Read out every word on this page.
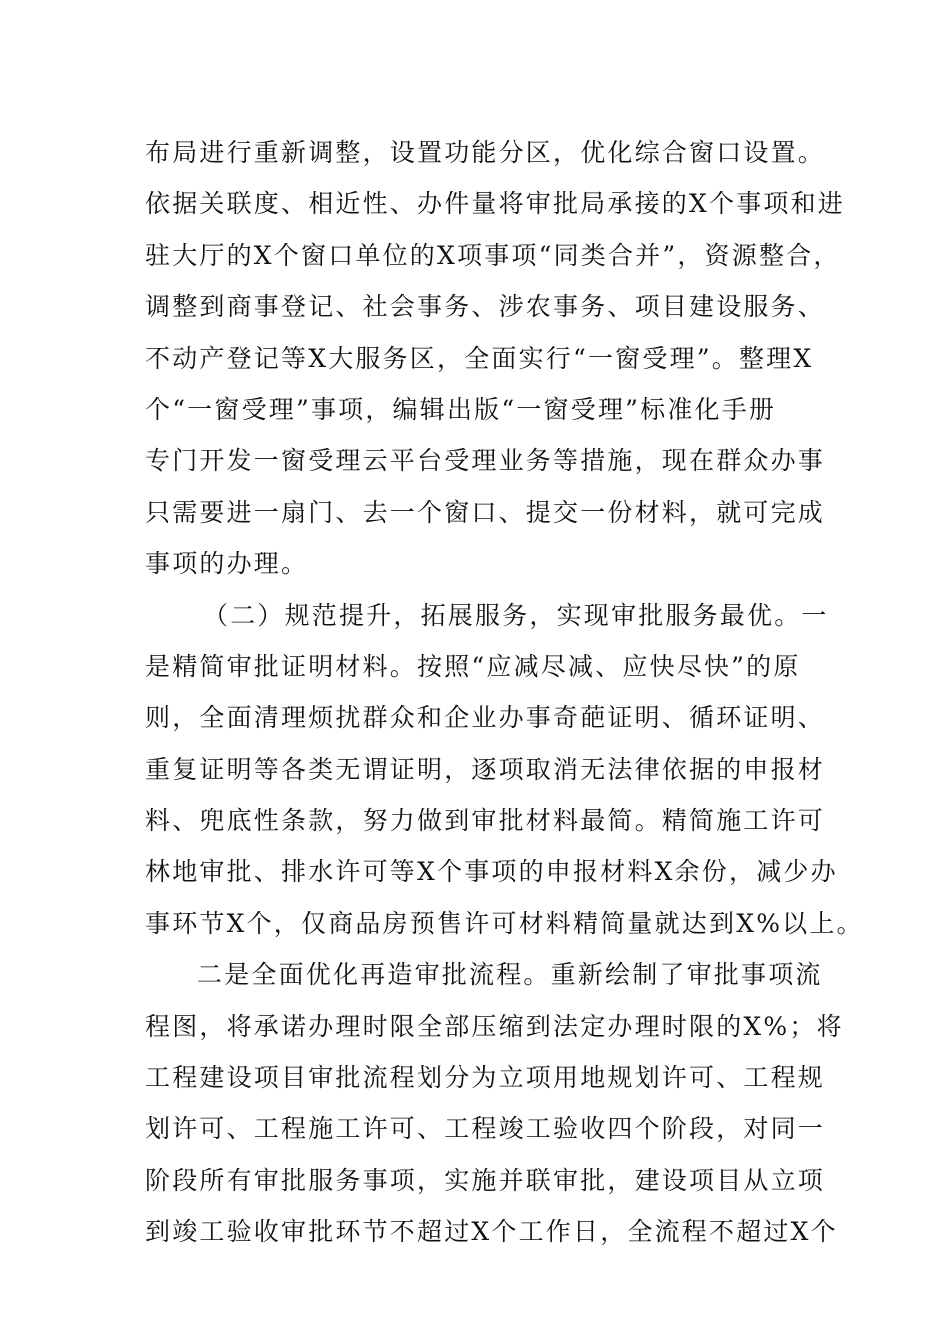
布局进行重新调整，设置功能分区，优化综合窗口设置。
依据关联度、相近性、办件量将审批局承接的X个事项和进
驻大厅的X个窗口单位的X项事项“同类合并”，资源整合，
调整到商事登记、社会事务、涉农事务、项目建设服务、
不动产登记等X大服务区，全面实行“一窗受理”。整理X
个“一窗受理”事项，编辑出版“一窗受理”标准化手册
专门开发一窗受理云平台受理业务等措施，现在群众办事
只需要进一扇门、去一个窗口、提交一份材料，就可完成
事项的办理。
（二）规范提升，拓展服务，实现审批服务最优。一
是精简审批证明材料。按照“应减尽减、应快尽快”的原
则，全面清理烦扰群众和企业办事奇葩证明、循环证明、
重复证明等各类无谓证明，逐项取消无法律依据的申报材
料、兜底性条款，努力做到审批材料最简。精简施工许可
林地审批、排水许可等X个事项的申报材料X余份，减少办
事环节X个，仅商品房预售许可材料精简量就达到X%以上。
二是全面优化再造审批流程。重新绘制了审批事项流
程图，将承诺办理时限全部压缩到法定办理时限的X%；将
工程建设项目审批流程划分为立项用地规划许可、工程规
划许可、工程施工许可、工程竣工验收四个阶段，对同一
阶段所有审批服务事项，实施并联审批，建设项目从立项
到竣工验收审批环节不超过X个工作日，全流程不超过X个
